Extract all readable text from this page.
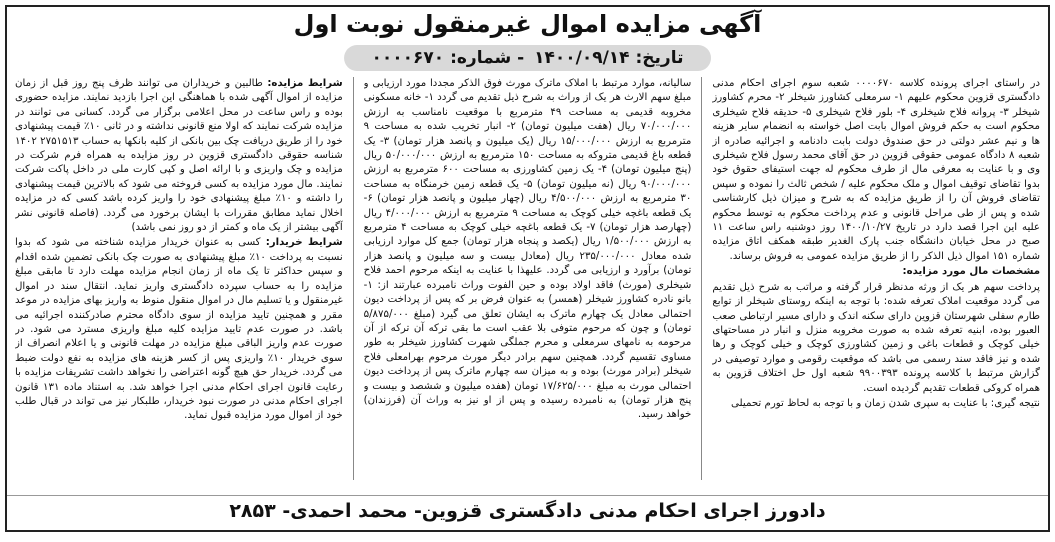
آگهی مزایده اموال غیرمنقول نوبت اول
تاریخ: ۱۴۰۰/۰۹/۱۴ - شماره: ۰۰۰۰۶۷۰

در راستای اجرای پرونده کلاسه ۰۰۰۰۶۷۰ شعبه سوم اجرای احکام مدنی دادگستری قزوین محکوم علیهم ۱- سرمعلی کشاورز شیخلر ۲- محرم کشاورز شیخلر ۳- پروانه فلاح شیخلری ۴- بلور فلاح شیخلری ۵- حدیقه فلاح شیخلری محکوم است به حکم فروش اموال بابت اصل خواسته به انضمام سایر هزینه ها و نیم عشر دولتی در حق صندوق دولت بابت دادنامه و اجرائیه صادره از شعبه ۸ دادگاه عمومی حقوقی قزوین در حق آقای محمد رسول فلاح شیخلری وی و با عنایت به معرفی مال از طرف محکوم له جهت استیفای حقوق خود بدوا تقاضای توقیف اموال و ملک محکوم علیه / شخص ثالث را نموده و سپس تقاضای فروش آن را از طریق مزایده که به شرح و میزان ذیل کارشناسی شده و پس از طی مراحل قانونی و عدم پرداخت محکوم به توسط محکوم علیه این اجرا قصد دارد در تاریخ ۱۴۰۰/۱۰/۲۷ روز دوشنبه راس ساعت ۱۱ صبح در محل خیابان دانشگاه جنب پارک الغدیر طبقه همکف اتاق مزایده شماره ۱۵۱ اموال ذیل الذکر را از طریق مزایده عمومی به فروش برساند.

مشخصات مال مورد مزایده:

پرداخت سهم هر یک از ورثه مدنظر قرار گرفته و مراتب به شرح ذیل تقدیم می گردد موقعیت املاک تعرفه شده: با توجه به اینکه روستای شیخلر از توابع طارم سفلی شهرستان قزوین دارای سکنه اندک و دارای مسیر ارتباطی صعب العبور بوده، ابنیه تعرفه شده به صورت مخروبه منزل و انبار در مساحتهای خیلی کوچک و قطعات باغی و زمین کشاورزی کوچک و خیلی کوچک و رها شده و نیز فاقد سند رسمی می باشد که موقعیت رقومی و موارد توصیفی در گزارش مرتبط با کلاسه پرونده ۹۹۰۰۳۹۳ شعبه اول حل اختلاف قزوین به همراه کروکی قطعات تقدیم گردیده است.

نتیجه گیری: با عنایت به سپری شدن زمان و با توجه به لحاظ تورم تحمیلی

سالیانه، موارد مرتبط با املاک ماترک مورث فوق الذکر مجددا مورد ارزیابی و مبلغ سهم الارث هر یک از وراث به شرح ذیل تقدیم می گردد ۱- خانه مسکونی مخروبه قدیمی به مساحت ۴۹ مترمربع با موقعیت نامناسب به ارزش ۷۰/۰۰۰/۰۰۰ ریال (هفت میلیون تومان) ۲- انبار تخریب شده به مساحت ۹ مترمربع به ارزش ۱۵/۰۰۰/۰۰۰ ریال (یک میلیون و پانصد هزار تومان) ۳- یک قطعه باغ قدیمی متروکه به مساحت ۱۵۰ مترمربع به ارزش ۵۰/۰۰۰/۰۰۰ ریال (پنج میلیون تومان) ۴- یک زمین کشاورزی به مساحت ۶۰۰ مترمربع به ارزش ۹۰/۰۰۰/۰۰۰ ریال (نه میلیون تومان) ۵- یک قطعه زمین خرمنگاه به مساحت ۳۰ مترمربع به ارزش ۴/۵۰۰/۰۰۰ ریال (چهار میلیون و پانصد هزار تومان) ۶- یک قطعه باغچه خیلی کوچک به مساحت ۹ مترمربع به ارزش ۴/۰۰۰/۰۰۰ ریال (چهارصد هزار تومان) ۷- یک قطعه باغچه خیلی کوچک به مساحت ۴ مترمربع به ارزش ۱/۵۰۰/۰۰۰ ریال (یکصد و پنجاه هزار تومان) جمع کل موارد ارزیابی شده معادل ۲۳۵/۰۰۰/۰۰۰ ریال (معادل بیست و سه میلیون و پانصد هزار تومان) برآورد و ارزیابی می گردد. علیهذا با عنایت به اینکه مرحوم احمد فلاح شیخلری (مورث) فاقد اولاد بوده و حین الفوت وراث نامبرده عبارتند از: ۱- بانو نادره کشاورز شیخلر (همسر) به عنوان فرض بر که پس از پرداخت دیون احتمالی معادل یک چهارم ماترک به ایشان تعلق می گیرد (مبلغ ۵/۸۷۵/۰۰۰ تومان) و چون که مرحوم متوفی بلا عقب است ما بقی ترکه آن ترکه از آن مرحومه به نامهای سرمعلی و محرم جملگی شهرت کشاورز شیخلر به طور مساوی تقسیم گردد. همچنین سهم برادر دیگر مورث مرحوم بهرامعلی فلاح شیخلر (برادر مورث) بوده و به میزان سه چهارم ماترک پس از پرداخت دیون احتمالی مورث به مبلغ ۱۷/۶۲۵/۰۰۰ تومان (هفده میلیون و ششصد و بیست و پنج هزار تومان) به نامبرده رسیده و پس از او نیز به وراث آن (فرزندان) خواهد رسید.

شرایط مزایده: طالبین و خریداران می توانند ظرف پنج روز قبل از زمان مزایده از اموال آگهی شده با هماهنگی این اجرا بازدید نمایند. مزایده حضوری بوده و راس ساعت در محل اعلامی برگزار می گردد. کسانی می توانند در مزایده شرکت نمایند که اولا منع قانونی نداشته و در ثانی ۱۰٪ قیمت پیشنهادی خود را از طریق دریافت چک بین بانکی از کلیه بانکها به حساب ۲۷۵۱۵۱۳ ۱۴۰۲ شناسه حقوقی دادگستری قزوین در روز مزایده به همراه فرم شرکت در مزایده و چک واریزی و با ارائه اصل و کپی کارت ملی در داخل پاکت شرکت نمایند. مال مورد مزایده به کسی فروخته می شود که بالاترین قیمت پیشنهادی را داشته و ۱۰٪ مبلغ پیشنهادی خود را واریز کرده باشد کسی که در مزایده اخلال نماید مطابق مقررات با ایشان برخورد می گردد. (فاصله قانونی نشر آگهی بیشتر از یک ماه و کمتر از دو روز نمی باشد)

شرایط خریدار: کسی به عنوان خریدار مزایده شناخته می شود که بدوا نسبت به پرداخت ۱۰٪ مبلغ پیشنهادی به صورت چک بانکی تضمین شده اقدام و سپس حداکثر تا یک ماه از زمان انجام مزایده مهلت دارد تا مابقی مبلغ مزایده را به حساب سپرده دادگستری واریز نماید. انتقال سند در اموال غیرمنقول و یا تسلیم مال در اموال منقول منوط به واریز بهای مزایده در موعد مقرر و همچنین تایید مزایده از سوی دادگاه محترم صادرکننده اجرائیه می باشد. در صورت عدم تایید مزایده کلیه مبلغ واریزی مسترد می شود. در صورت عدم واریز الباقی مبلغ مزایده در مهلت قانونی و یا اعلام انصراف از سوی خریدار ۱۰٪ واریزی پس از کسر هزینه های مزایده به نفع دولت ضبط می گردد. خریدار حق هیچ گونه اعتراضی را نخواهد داشت تشریفات مزایده با رعایت قانون اجرای احکام مدنی اجرا خواهد شد. به استناد ماده ۱۳۱ قانون اجرای احکام مدنی در صورت نبود خریدار، طلبکار نیز می تواند در قبال طلب خود از اموال مورد مزایده قبول نماید.

دادورز اجرای احکام مدنی دادگستری قزوین- محمد احمدی- ۲۸۵۳
